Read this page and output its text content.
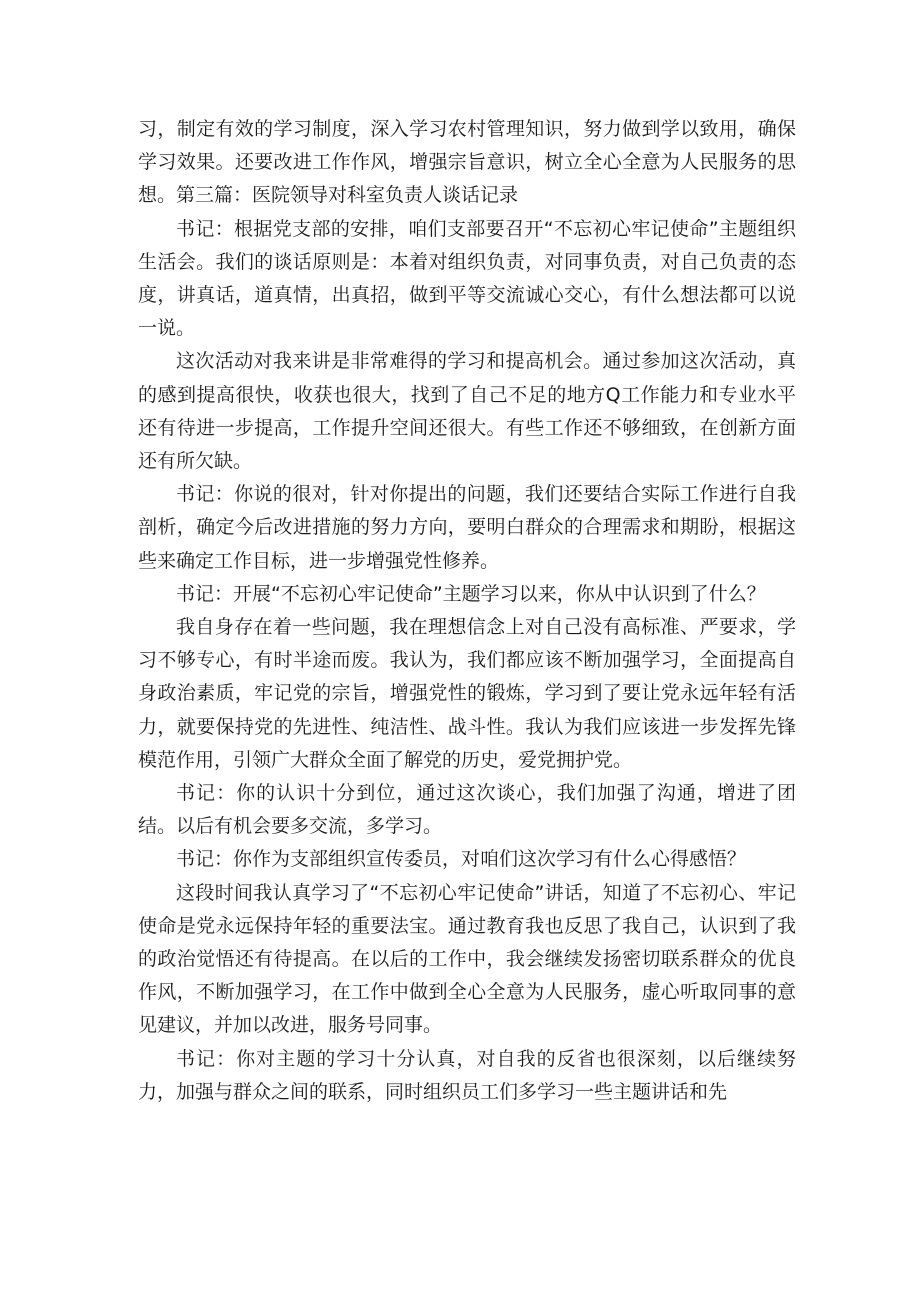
习，制定有效的学习制度，深入学习农村管理知识，努力做到学以致用，确保学习效果。还要改进工作作风，增强宗旨意识，树立全心全意为人民服务的思想。第三篇：医院领导对科室负责人谈话记录

书记：根据党支部的安排，咱们支部要召开“不忘初心牢记使命”主题组织生活会。我们的谈话原则是：本着对组织负责，对同事负责，对自己负责的态度，讲真话，道真情，出真招，做到平等交流诚心交心，有什么想法都可以说一说。

这次活动对我来讲是非常难得的学习和提高机会。通过参加这次活动，真的感到提高很快，收获也很大，找到了自己不足的地方Q工作能力和专业水平还有待进一步提高，工作提升空间还很大。有些工作还不够细致，在创新方面还有所欠缺。

书记：你说的很对，针对你提出的问题，我们还要结合实际工作进行自我剖析，确定今后改进措施的努力方向，要明白群众的合理需求和期盼，根据这些来确定工作目标，进一步增强党性修养。

书记：开展“不忘初心牢记使命”主题学习以来，你从中认识到了什么？

我自身存在着一些问题，我在理想信念上对自己没有高标准、严要求，学习不够专心，有时半途而废。我认为，我们都应该不断加强学习，全面提高自身政治素质，牢记党的宗旨，增强党性的锻炼，学习到了要让党永远年轻有活力，就要保持党的先进性、纯洁性、战斗性。我认为我们应该进一步发挥先锋模范作用，引领广大群众全面了解党的历史，爱党拥护党。

书记：你的认识十分到位，通过这次谈心，我们加强了沟通，增进了团结。以后有机会要多交流，多学习。

书记：你作为支部组织宣传委员，对咱们这次学习有什么心得感悟？

这段时间我认真学习了“不忘初心牢记使命”讲话，知道了不忘初心、牢记使命是党永远保持年轻的重要法宝。通过教育我也反思了我自己，认识到了我的政治觉悟还有待提高。在以后的工作中，我会继续发扬密切联系群众的优良作风，不断加强学习，在工作中做到全心全意为人民服务，虚心听取同事的意见建议，并加以改进，服务号同事。

书记：你对主题的学习十分认真，对自我的反省也很深刻，以后继续努力，加强与群众之间的联系，同时组织员工们多学习一些主题讲话和先
